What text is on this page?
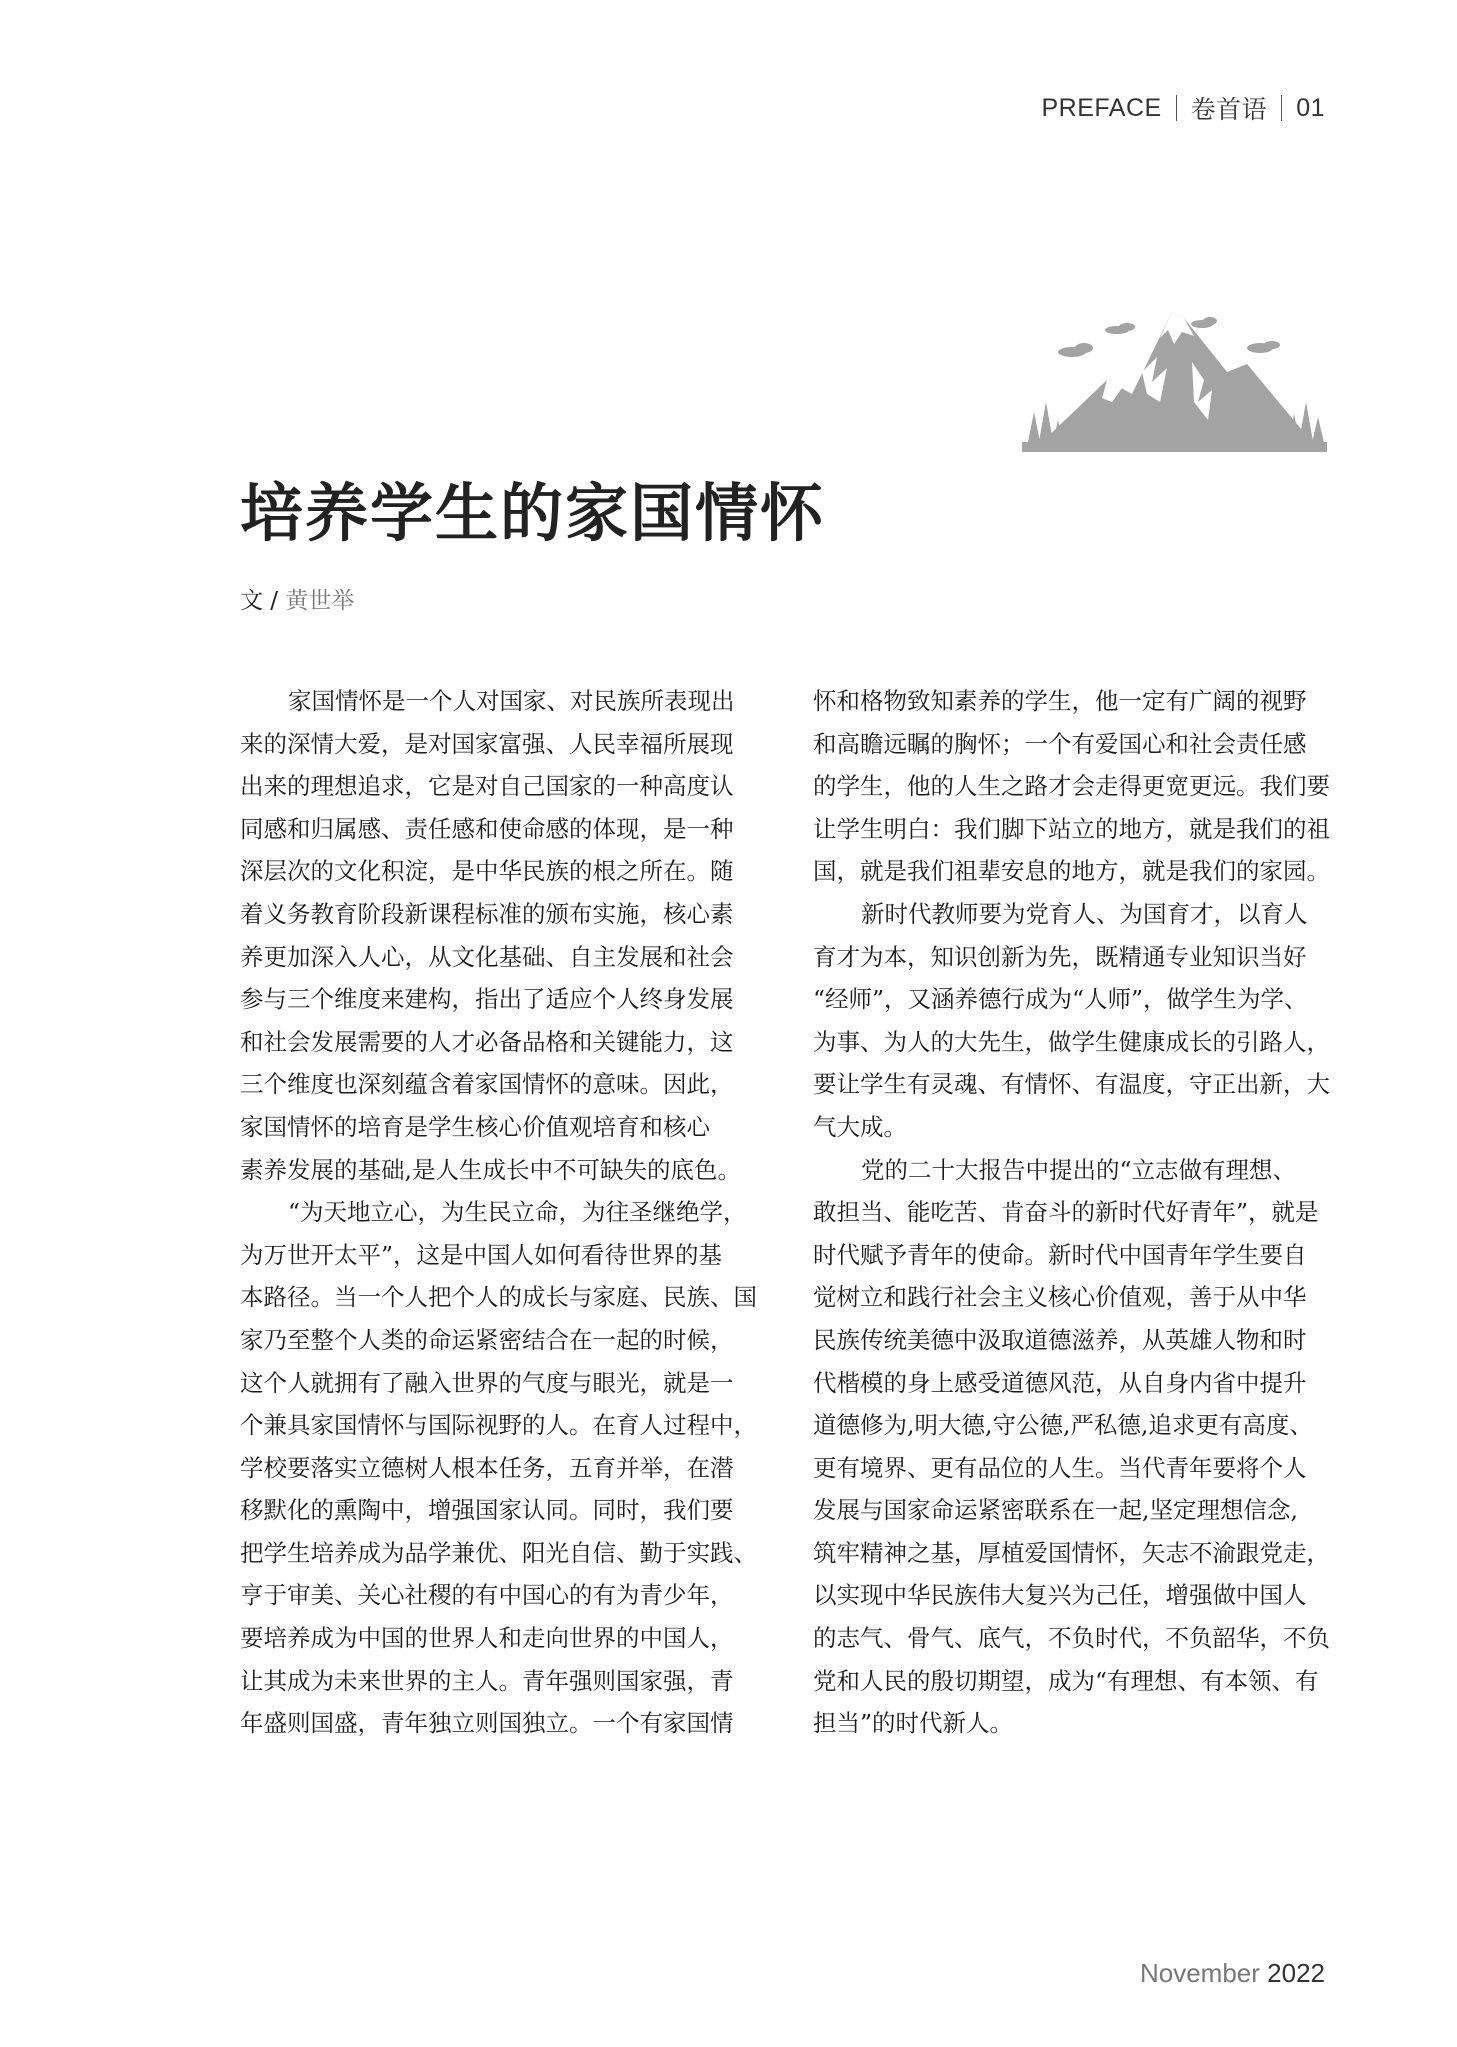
PREFACE 卷首语 01
培养学生的家国情怀
文 / 黄世举

家国情怀是一个人对国家、对民族所表现出
来的深情大爱，是对国家富强、人民幸福所展现
出来的理想追求，它是对自己国家的一种高度认
同感和归属感、责任感和使命感的体现，是一种
深层次的文化积淀，是中华民族的根之所在。随
着义务教育阶段新课程标准的颁布实施，核心素
养更加深入人心，从文化基础、自主发展和社会
参与三个维度来建构，指出了适应个人终身发展
和社会发展需要的人才必备品格和关键能力，这
三个维度也深刻蕴含着家国情怀的意味。因此，
家国情怀的培育是学生核心价值观培育和核心
素养发展的基础,是人生成长中不可缺失的底色。

“为天地立心，为生民立命，为往圣继绝学，
为万世开太平”，这是中国人如何看待世界的基
本路径。当一个人把个人的成长与家庭、民族、国
家乃至整个人类的命运紧密结合在一起的时候，
这个人就拥有了融入世界的气度与眼光，就是一
个兼具家国情怀与国际视野的人。在育人过程中，
学校要落实立德树人根本任务，五育并举，在潜
移默化的熏陶中，增强国家认同。同时，我们要
把学生培养成为品学兼优、阳光自信、勤于实践、
亨于审美、关心社稷的有中国心的有为青少年，
要培养成为中国的世界人和走向世界的中国人，
让其成为未来世界的主人。青年强则国家强，青
年盛则国盛，青年独立则国独立。一个有家国情

怀和格物致知素养的学生，他一定有广阔的视野
和高瞻远瞩的胸怀；一个有爱国心和社会责任感
的学生，他的人生之路才会走得更宽更远。我们要
让学生明白：我们脚下站立的地方，就是我们的祖
国，就是我们祖辈安息的地方，就是我们的家园。

新时代教师要为党育人、为国育才，以育人
育才为本，知识创新为先，既精通专业知识当好
“经师”，又涵养德行成为“人师”，做学生为学、
为事、为人的大先生，做学生健康成长的引路人，
要让学生有灵魂、有情怀、有温度，守正出新，大
气大成。

党的二十大报告中提出的“立志做有理想、
敢担当、能吃苦、肯奋斗的新时代好青年”，就是
时代赋予青年的使命。新时代中国青年学生要自
觉树立和践行社会主义核心价值观，善于从中华
民族传统美德中汲取道德滋养，从英雄人物和时
代楷模的身上感受道德风范，从自身内省中提升
道德修为,明大德,守公德,严私德,追求更有高度、
更有境界、更有品位的人生。当代青年要将个人
发展与国家命运紧密联系在一起,坚定理想信念,
筑牢精神之基，厚植爱国情怀，矢志不渝跟党走，
以实现中华民族伟大复兴为己任，增强做中国人
的志气、骨气、底气，不负时代，不负韶华，不负
党和人民的殷切期望，成为“有理想、有本领、有
担当”的时代新人。

November 2022
